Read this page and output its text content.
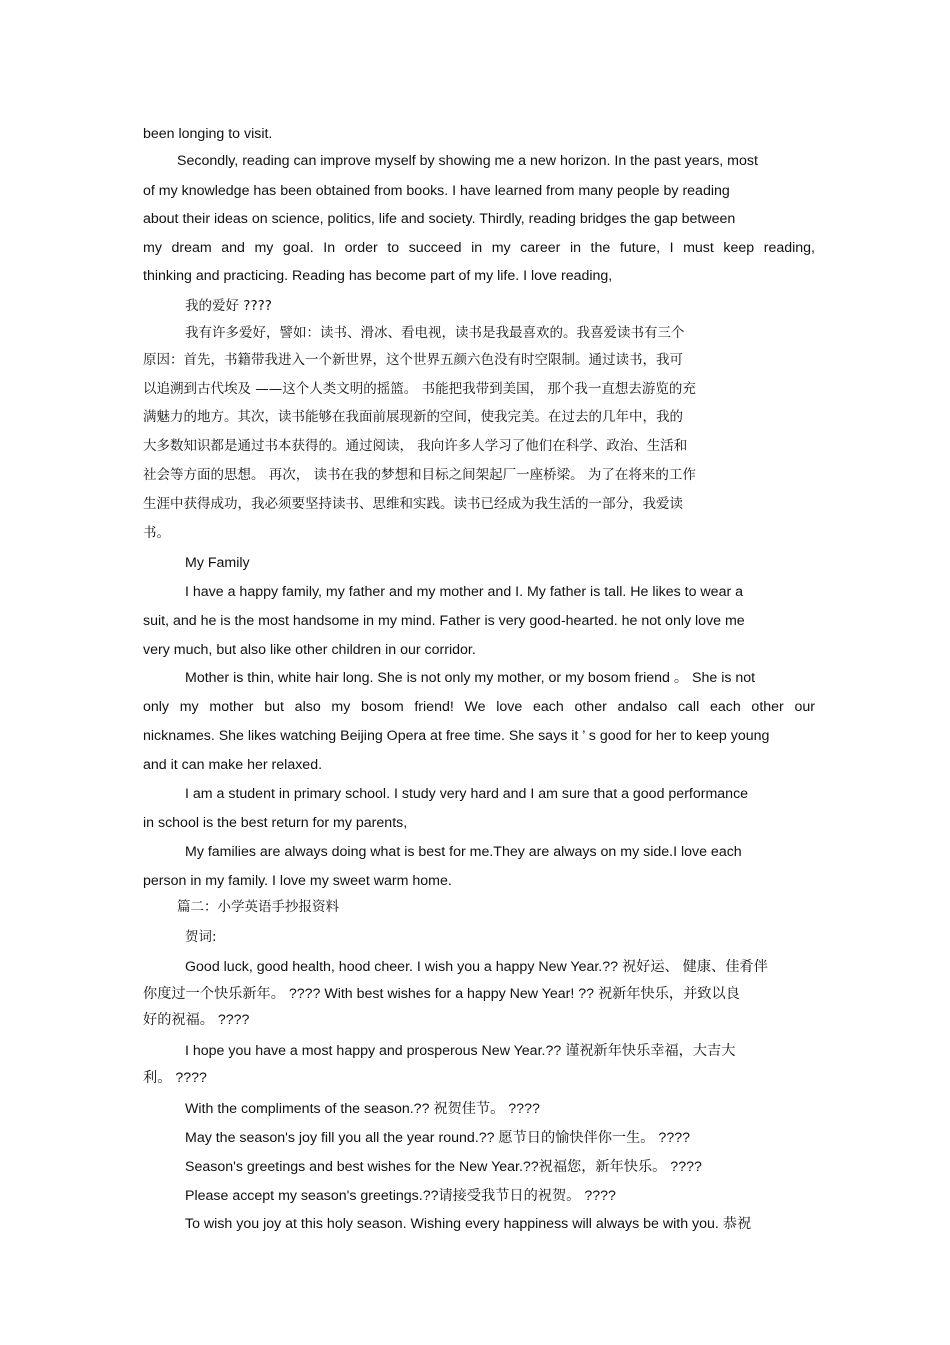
been longing to visit.
Secondly, reading can improve myself by showing me a new horizon. In the past years, most
of my knowledge has been obtained from books. I have learned from many people by reading
about their ideas on science, politics, life and society. Thirdly, reading bridges the gap between
my dream and my goal. In order to succeed in my career in the future, I must keep reading,
thinking and practicing. Reading has become part of my life. I love reading,
我的爱好 ????
我有许多爱好，譬如：读书、滑冰、看电视，读书是我最喜欢的。我喜爱读书有三个
原因：首先，书籍带我进入一个新世界，这个世界五颜六色没有时空限制。通过读书，我可
以追溯到古代埃及 ——这个人类文明的摇篮。 书能把我带到美国， 那个我一直想去游览的充
满魅力的地方。其次，读书能够在我面前展现新的空间，使我完美。在过去的几年中，我的
大多数知识都是通过书本获得的。通过阅读， 我向许多人学习了他们在科学、政治、生活和
社会等方面的思想。 再次， 读书在我的梦想和目标之间架起厂一座桥梁。 为了在将来的工作
生涯中获得成功，我必须要坚持读书、思维和实践。读书已经成为我生活的一部分，我爱读
书。
My Family
I have a happy family, my father and my mother and I. My father is tall. He likes to wear a
suit, and he is the most handsome in my mind. Father is very good-hearted. he not only love me
very much, but also like other children in our corridor.
Mother is thin, white hair long. She is not only my mother, or my bosom friend 。 She is not
only my mother but also my bosom friend! We love each other andalso call each other our
nicknames. She likes watching Beijing Opera at free time. She says it ’ s good for her to keep young
and it can make her relaxed.
I am a student in primary school. I study very hard and I am sure that a good performance
in school is the best return for my parents,
My families are always doing what is best for me.They are always on my side.I love each
person in my family. I love my sweet warm home.
篇二：小学英语手抄报资料
贺词:
Good luck, good health, hood cheer. I wish you a happy New Year.?? 祝好运、 健康、佳肴伴
你度过一个快乐新年。 ???? With best wishes for a happy New Year! ?? 祝新年快乐，并致以良
好的祝福。 ????
I hope you have a most happy and prosperous New Year.?? 谨祝新年快乐幸福，大吉大
利。 ????
With the compliments of the season.?? 祝贺佳节。 ????
May the season's joy fill you all the year round.?? 愿节日的愉快伴你一生。 ????
Season's greetings and best wishes for the New Year.??祝福您，新年快乐。 ????
Please accept my season's greetings.??请接受我节日的祝贺。 ????
To wish you joy at this holy season. Wishing every happiness will always be with you. 恭祝
